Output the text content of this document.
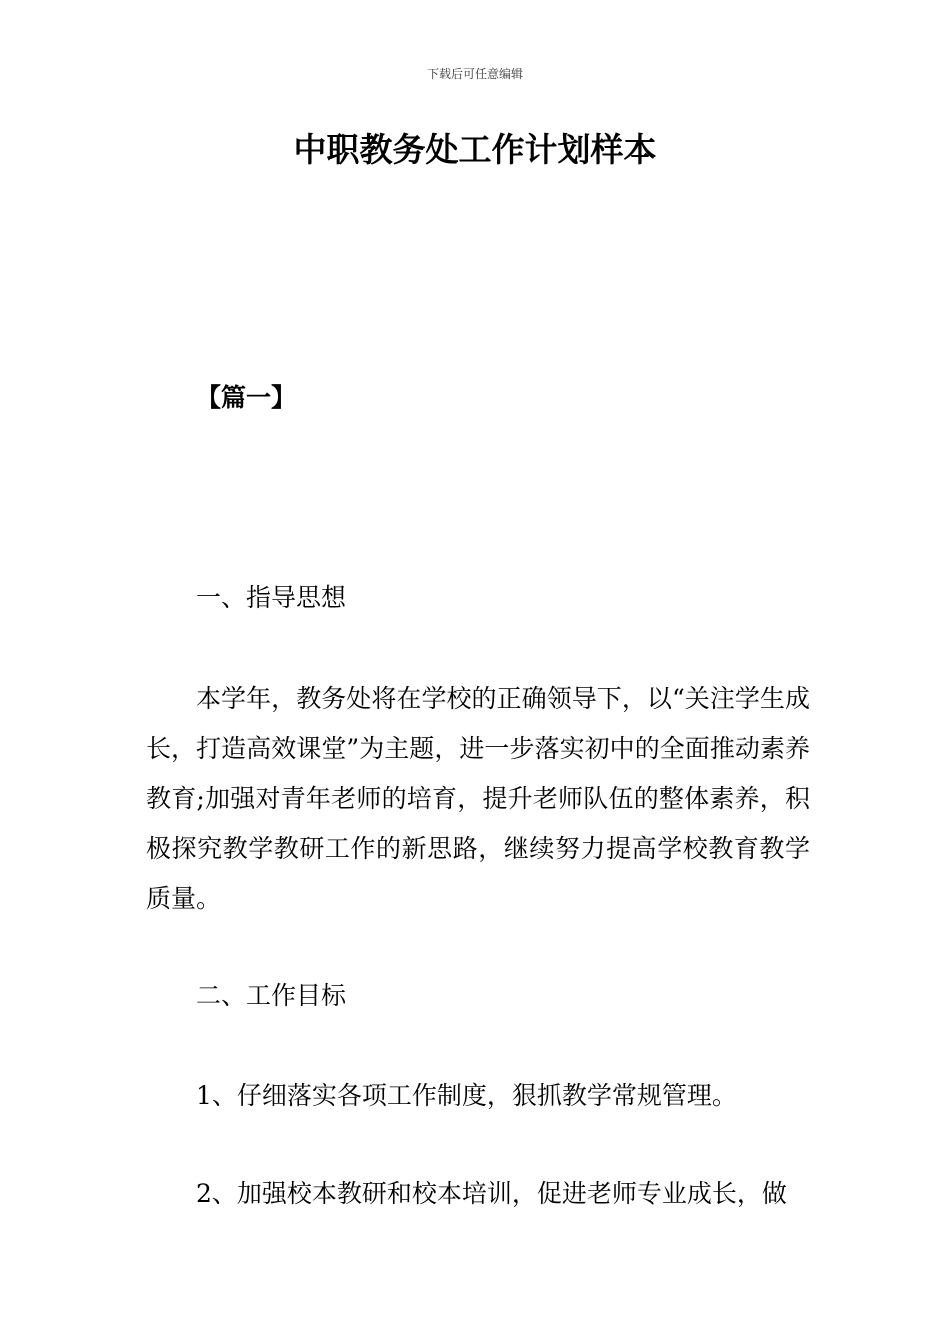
下载后可任意编辑
中职教务处工作计划样本
【篇一】
一、指导思想

本学年，教务处将在学校的正确领导下，以“关注学生成长，打造高效课堂”为主题，进一步落实初中的全面推动素养教育;加强对青年老师的培育，提升老师队伍的整体素养，积极探究教学教研工作的新思路，继续努力提高学校教育教学质量。

二、工作目标
1、仔细落实各项工作制度，狠抓教学常规管理。
2、加强校本教研和校本培训，促进老师专业成长，做
